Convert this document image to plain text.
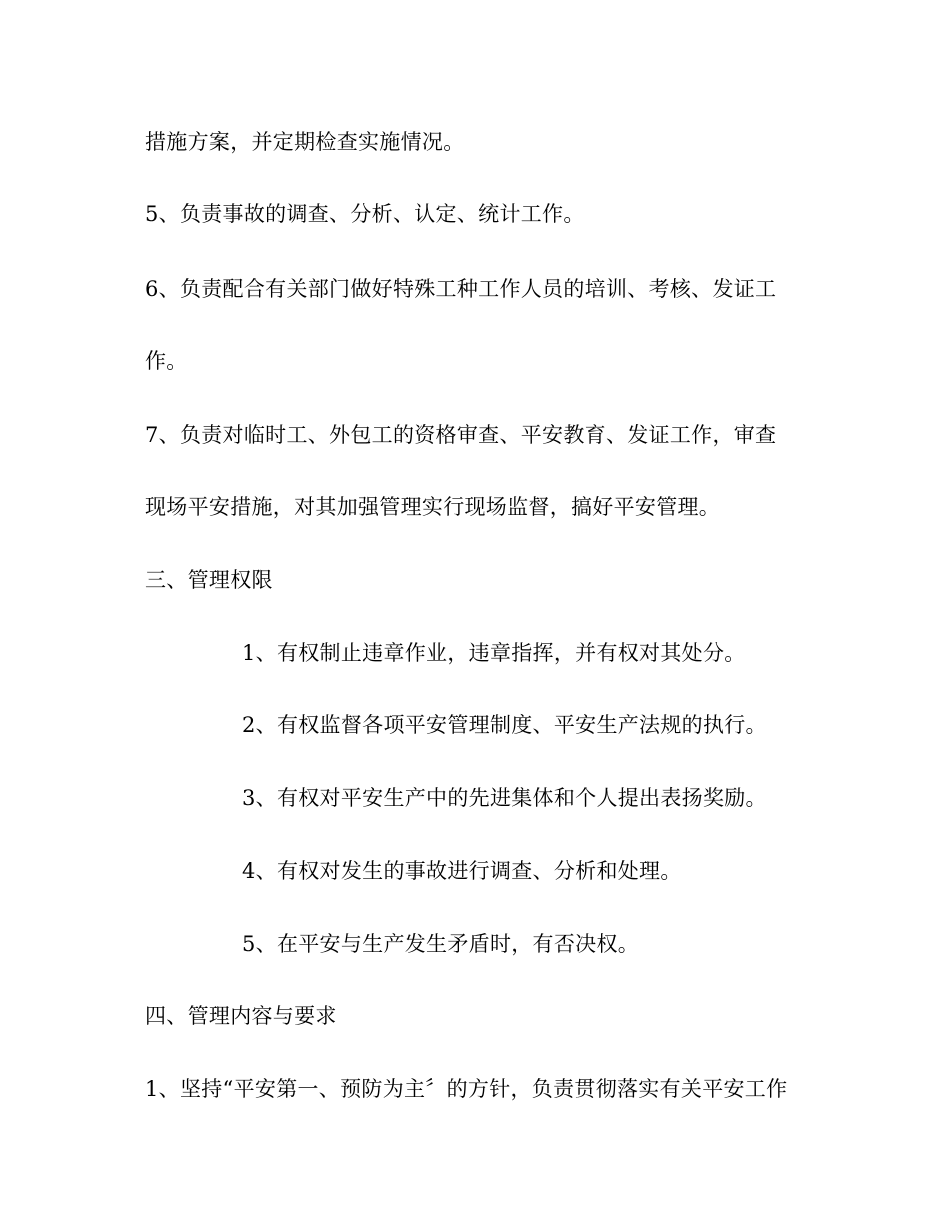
措施方案，并定期检查实施情况。
5、负责事故的调查、分析、认定、统计工作。
6、负责配合有关部门做好特殊工种工作人员的培训、考核、发证工
作。
7、负责对临时工、外包工的资格审查、平安教育、发证工作，审查
现场平安措施，对其加强管理实行现场监督，搞好平安管理。
三、管理权限
1、有权制止违章作业，违章指挥，并有权对其处分。
2、有权监督各项平安管理制度、平安生产法规的执行。
3、有权对平安生产中的先进集体和个人提出表扬奖励。
4、有权对发生的事故进行调查、分析和处理。
5、在平安与生产发生矛盾时，有否决权。
四、管理内容与要求
1、坚持“平安第一、预防为主〞的方针，负责贯彻落实有关平安工作
